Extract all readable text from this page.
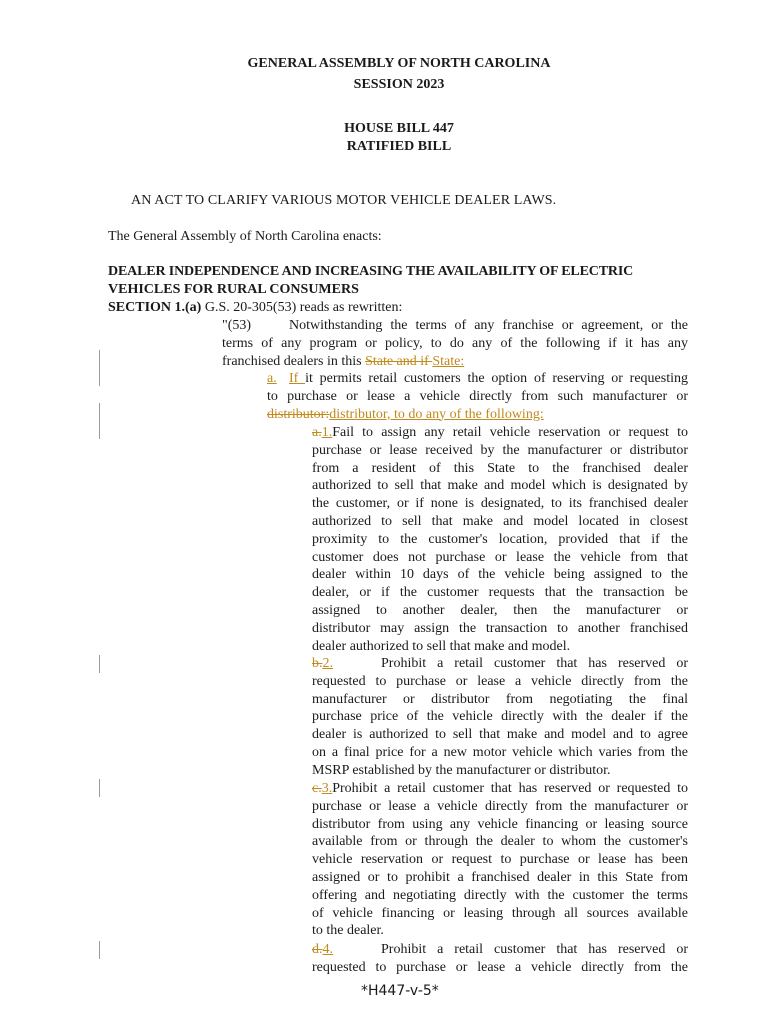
GENERAL ASSEMBLY OF NORTH CAROLINA
SESSION 2023
HOUSE BILL 447
RATIFIED BILL
AN ACT TO CLARIFY VARIOUS MOTOR VEHICLE DEALER LAWS.
The General Assembly of North Carolina enacts:
DEALER INDEPENDENCE AND INCREASING THE AVAILABILITY OF ELECTRIC
VEHICLES FOR RURAL CONSUMERS
SECTION 1.(a) G.S. 20-305(53) reads as rewritten:
"(53)	Notwithstanding the terms of any franchise or agreement, or the
terms of any program or policy, to do any of the following if it has any
franchised dealers in this State and if State:
a. If it permits retail customers the option of reserving or requesting
to purchase or lease a vehicle directly from such manufacturer or
distributor:distributor, to do any of the following:
a.1.Fail to assign any retail vehicle reservation or request to
purchase or lease received by the manufacturer or distributor
from a resident of this State to the franchised dealer
authorized to sell that make and model which is designated by
the customer, or if none is designated, to its franchised dealer
authorized to sell that make and model located in closest
proximity to the customer's location, provided that if the
customer does not purchase or lease the vehicle from that
dealer within 10 days of the vehicle being assigned to the
dealer, or if the customer requests that the transaction be
assigned to another dealer, then the manufacturer or
distributor may assign the transaction to another franchised
dealer authorized to sell that make and model.
b.2.	Prohibit a retail customer that has reserved or
requested to purchase or lease a vehicle directly from the
manufacturer or distributor from negotiating the final
purchase price of the vehicle directly with the dealer if the
dealer is authorized to sell that make and model and to agree
on a final price for a new motor vehicle which varies from the
MSRP established by the manufacturer or distributor.
c.3.Prohibit a retail customer that has reserved or requested to
purchase or lease a vehicle directly from the manufacturer or
distributor from using any vehicle financing or leasing source
available from or through the dealer to whom the customer's
vehicle reservation or request to purchase or lease has been
assigned or to prohibit a franchised dealer in this State from
offering and negotiating directly with the customer the terms
of vehicle financing or leasing through all sources available
to the dealer.
d.4.	Prohibit a retail customer that has reserved or
requested to purchase or lease a vehicle directly from the
*H447-v-5*
